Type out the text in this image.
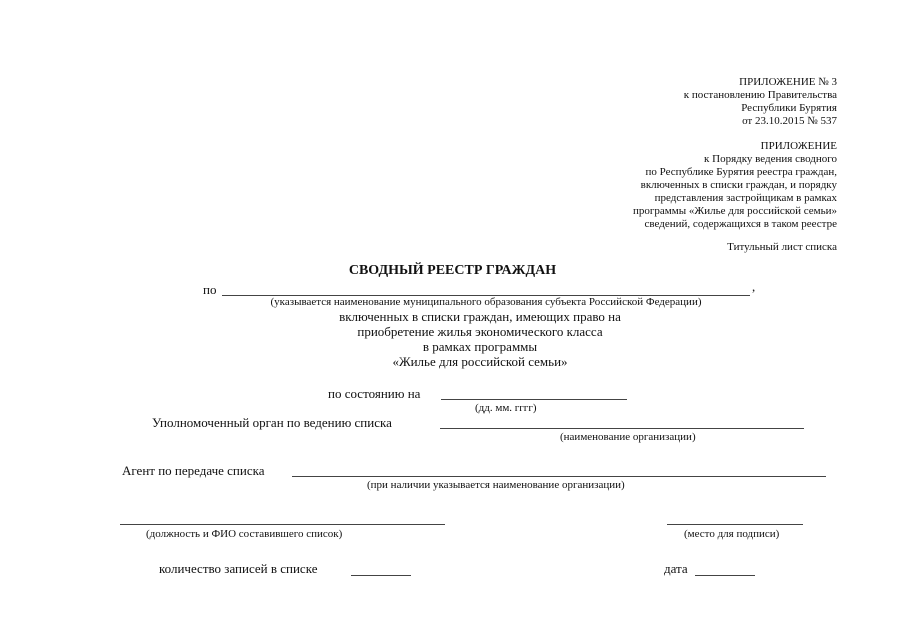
ПРИЛОЖЕНИЕ № 3
к постановлению Правительства
Республики Бурятия
от 23.10.2015 № 537
ПРИЛОЖЕНИЕ
к Порядку ведения сводного
по Республике Бурятия реестра граждан,
включенных в списки граждан, и порядку
представления застройщикам в рамках
программы «Жилье для российской семьи»
сведений, содержащихся в таком реестре
Титульный лист списка
СВОДНЫЙ РЕЕСТР ГРАЖДАН
по	,
(указывается наименование муниципального образования субъекта Российской Федерации)
включенных в списки граждан, имеющих право на
приобретение жилья экономического класса
в рамках программы
«Жилье для российской семьи»
по состоянию на
(дд. мм. гггг)
Уполномоченный орган по ведению списка
(наименование организации)
Агент по передаче списка
(при наличии указывается наименование организации)
(должность и ФИО составившего список)	(место для подписи)
количество записей в списке	дата
